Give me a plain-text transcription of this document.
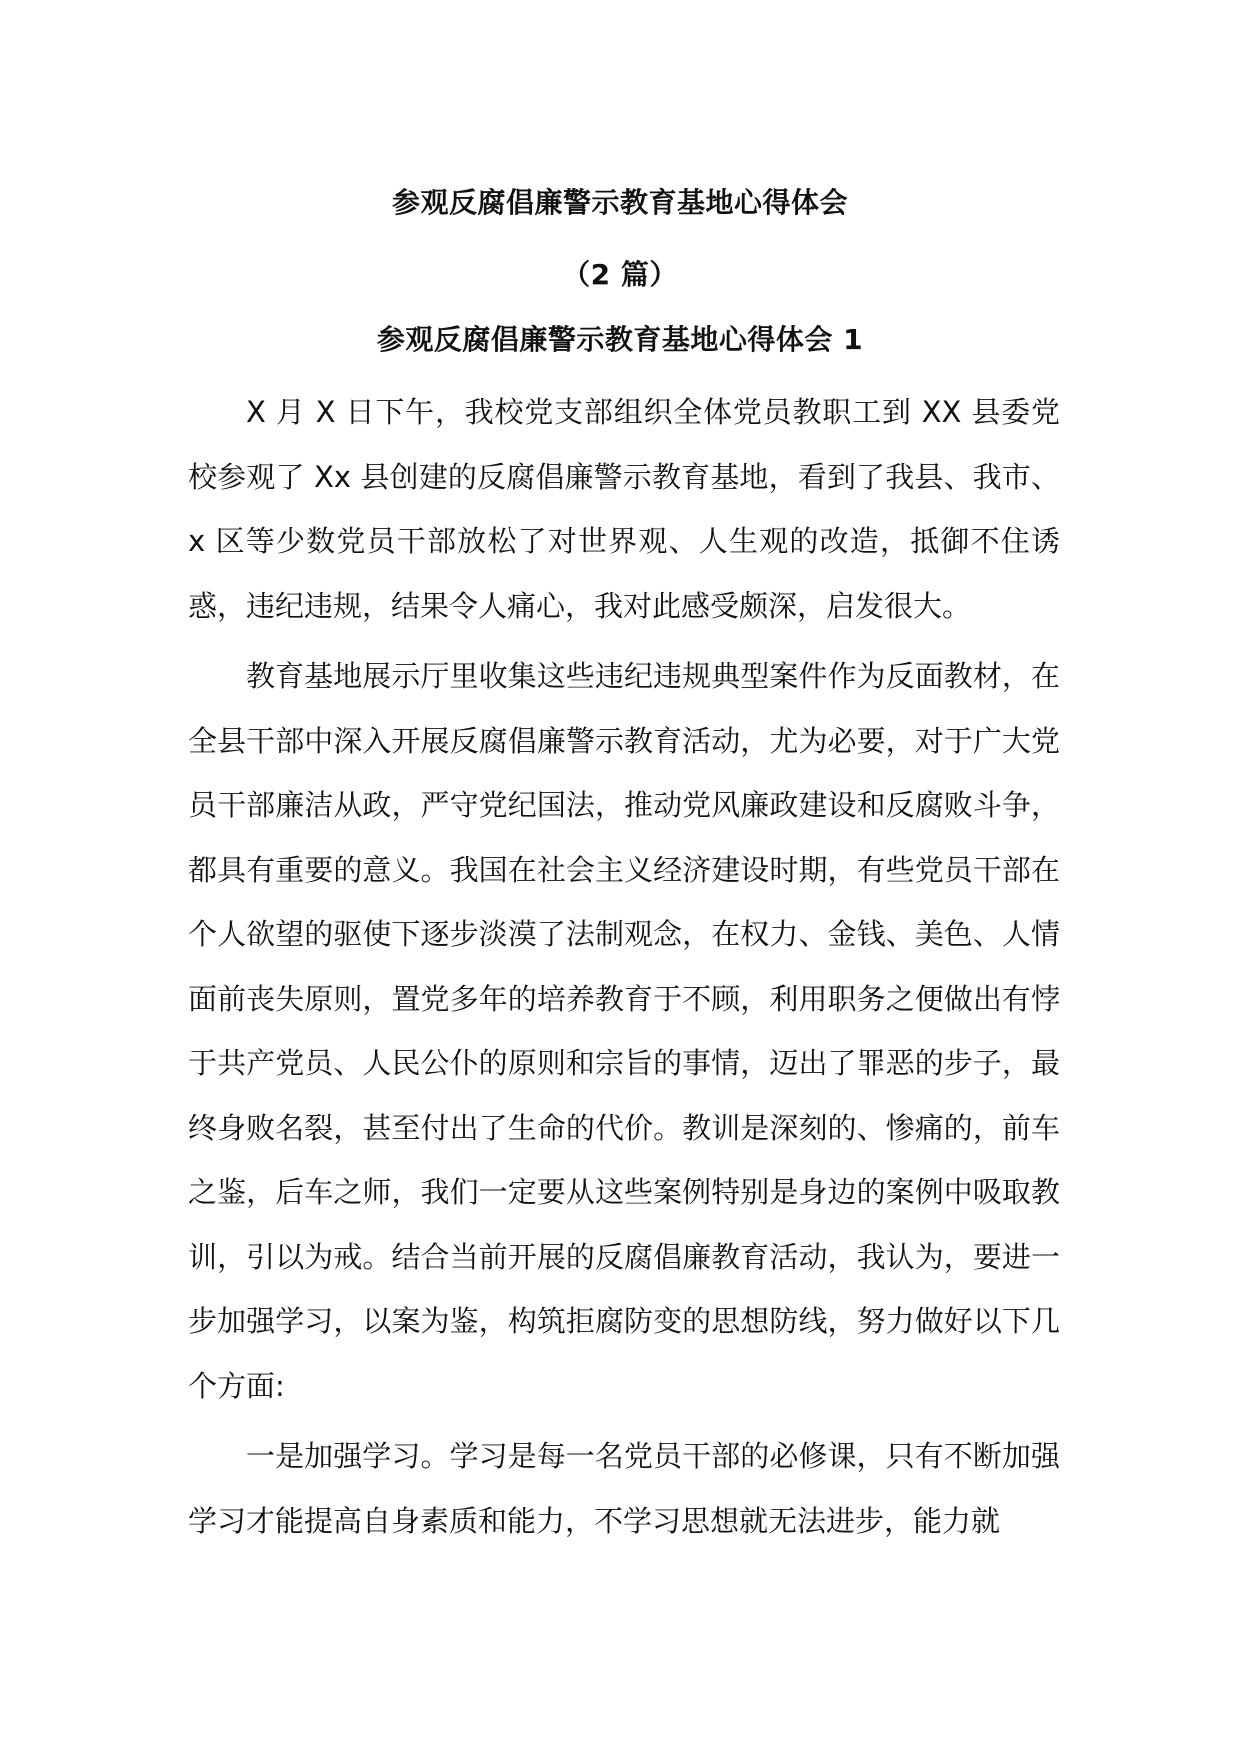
参观反腐倡廉警示教育基地心得体会
（2 篇）
参观反腐倡廉警示教育基地心得体会 1

X 月 X 日下午，我校党支部组织全体党员教职工到 XX 县委党校参观了 Xx 县创建的反腐倡廉警示教育基地，看到了我县、我市、x 区等少数党员干部放松了对世界观、人生观的改造，抵御不住诱惑，违纪违规，结果令人痛心，我对此感受颇深，启发很大。

教育基地展示厅里收集这些违纪违规典型案件作为反面教材，在全县干部中深入开展反腐倡廉警示教育活动，尤为必要，对于广大党员干部廉洁从政，严守党纪国法，推动党风廉政建设和反腐败斗争，都具有重要的意义。我国在社会主义经济建设时期，有些党员干部在个人欲望的驱使下逐步淡漠了法制观念，在权力、金钱、美色、人情面前丧失原则，置党多年的培养教育于不顾，利用职务之便做出有悖于共产党员、人民公仆的原则和宗旨的事情，迈出了罪恶的步子，最终身败名裂，甚至付出了生命的代价。教训是深刻的、惨痛的，前车之鉴，后车之师，我们一定要从这些案例特别是身边的案例中吸取教训，引以为戒。结合当前开展的反腐倡廉教育活动，我认为，要进一步加强学习，以案为鉴，构筑拒腐防变的思想防线，努力做好以下几个方面:

一是加强学习。学习是每一名党员干部的必修课，只有不断加强学习才能提高自身素质和能力，不学习思想就无法进步，能力就
